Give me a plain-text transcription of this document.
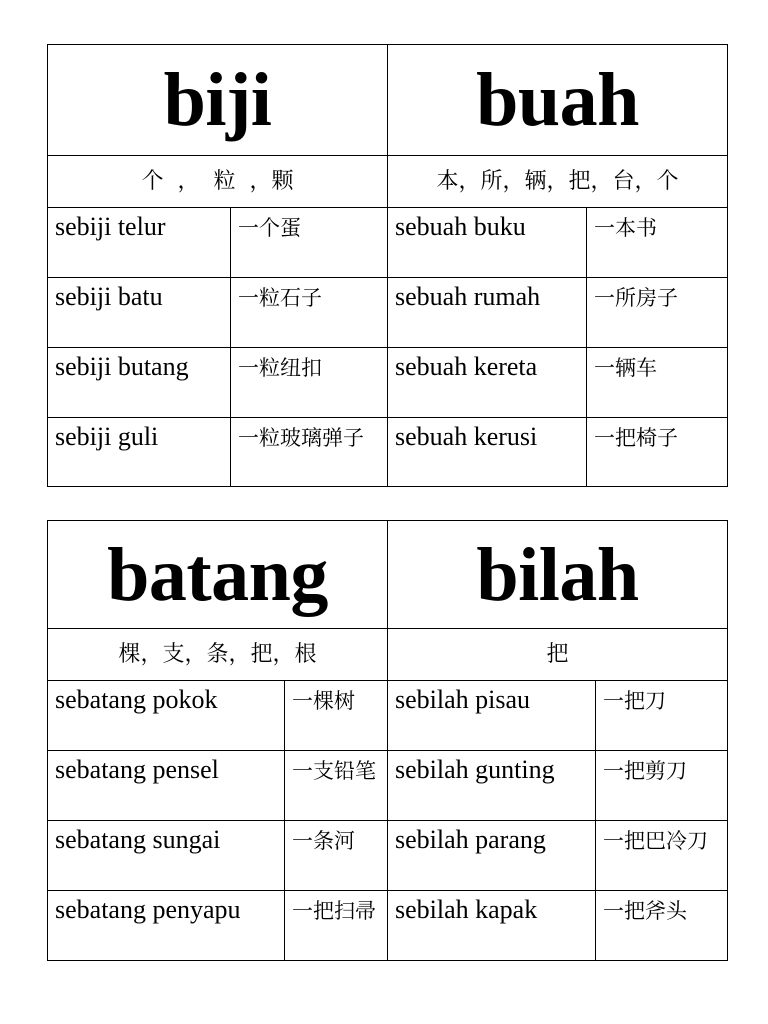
biji		buah	
个  ，  粒  ，颗		本，所，辆，把，台，个	
sebiji telur	一个蛋	sebuah buku	一本书
sebiji batu	一粒石子	sebuah rumah	一所房子
sebiji butang	一粒纽扣	sebuah kereta	一辆车
sebiji guli	一粒玻璃弹子	sebuah kerusi	一把椅子
batang		bilah	
棵，支，条，把，根		把	
sebatang pokok	一棵树	sebilah pisau	一把刀
sebatang pensel	一支铅笔	sebilah gunting	一把剪刀
sebatang sungai	一条河	sebilah parang	一把巴冷刀
sebatang penyapu	一把扫帚	sebilah kapak	一把斧头
